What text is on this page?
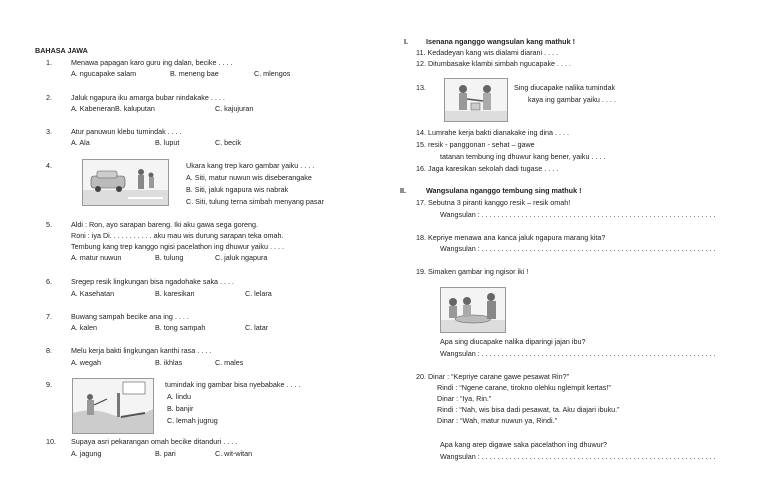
BAHASA JAWA
1.	Menawa papagan karo guru ing dalan, becike . . . .
A. ngucapake salam	B. meneng bae	C. mlengos
2.	Jaluk ngapura iku amarga bubar nindakake . . . .
A. KabeneranB. kaluputan	C. kajujuran
3.	Atur panuwun klebu tumindak . . . .
A. Ala	B. luput	C. becik
4.	Ukara kang trep karo gambar yaiku . . . .
A. Siti, matur nuwun wis diseberangake
B. Siti, jaluk ngapura wis nabrak
C. Siti, tulung terna simbah menyang pasar
5.	Aldi : Ron, ayo sarapan bareng. Iki aku gawa sega goreng.
Roni : iya Di. . . . . . . . . . . aku mau wis durung sarapan teka omah.
Tembung kang trep kanggo ngisi pacelathon ing dhuwur yaiku . . . .
A. matur nuwun	B. tulung	C. jaluk ngapura
6.	Sregep resik lingkungan bisa ngadohake saka . . . .
A. Kasehatan	B. karesikan	C. lelara
7.	Buwang sampah becike ana ing . . . .
A. kalen	B. tong sampah	C. latar
8.	Melu kerja bakti lingkungan kanthi rasa . . . .
A. wegah	B. ikhlas	C. males
9.	tumindak ing gambar bisa nyebabake . . . .
A. lindu
B. banjir
C. lemah jugrug
10. Supaya asri pekarangan omah becike ditanduri . . . .
A. jagung	B. pari	C. wit-witan
I.	Isenana nganggo wangsulan kang mathuk !
11. Kedadeyan kang wis dialami diarani . . . .
12. Ditumbasake klambi simbah ngucapake . . . .
13.	Sing diucapake nalika tumindak
kaya ing gambar yaiku . . . .
14. Lumrahe kerja bakti dianakake ing dina . . . .
15. resik - panggonan - sehat – gawe
tatanan tembung ing dhuwur kang bener, yaiku . . . .
16. Jaga karesikan sekolah dadi tugase . . . .
II.	Wangsulana nganggo tembung sing mathuk !
17. Sebutna 3 piranti kanggo resik – resik omah!
Wangsulan : . . . . . . . . . . . . . . . . . . . . . . . . . . . . . . . . . . . . . . . . . . . . . . . . . . . . . . . . . . .
18. Kepriye menawa ana kanca jaluk ngapura marang kita?
Wangsulan : . . . . . . . . . . . . . . . . . . . . . . . . . . . . . . . . . . . . . . . . . . . . . . . . . . . . . . . . . . .
19. Simaken gambar ing ngisor iki !
Apa sing diucapake nalika diparingi jajan ibu?
Wangsulan : . . . . . . . . . . . . . . . . . . . . . . . . . . . . . . . . . . . . . . . . . . . . . . . . . . . . . . . . . . .
20. Dinar : “Kepriye carane gawe pesawat Rin?”
Rindi : “Ngene carane, tirokno olehku nglempit kertas!”
Dinar : “Iya, Rin.”
Rindi : “Nah, wis bisa dadi pesawat, ta. Aku diajari ibuku.”
Dinar : “Wah, matur nuwun ya, Rindi.”
Apa kang arep digawe saka pacelathon ing dhuwur?
Wangsulan : . . . . . . . . . . . . . . . . . . . . . . . . . . . . . . . . . . . . . . . . . . . . . . . . . . . . . . . . . . .
